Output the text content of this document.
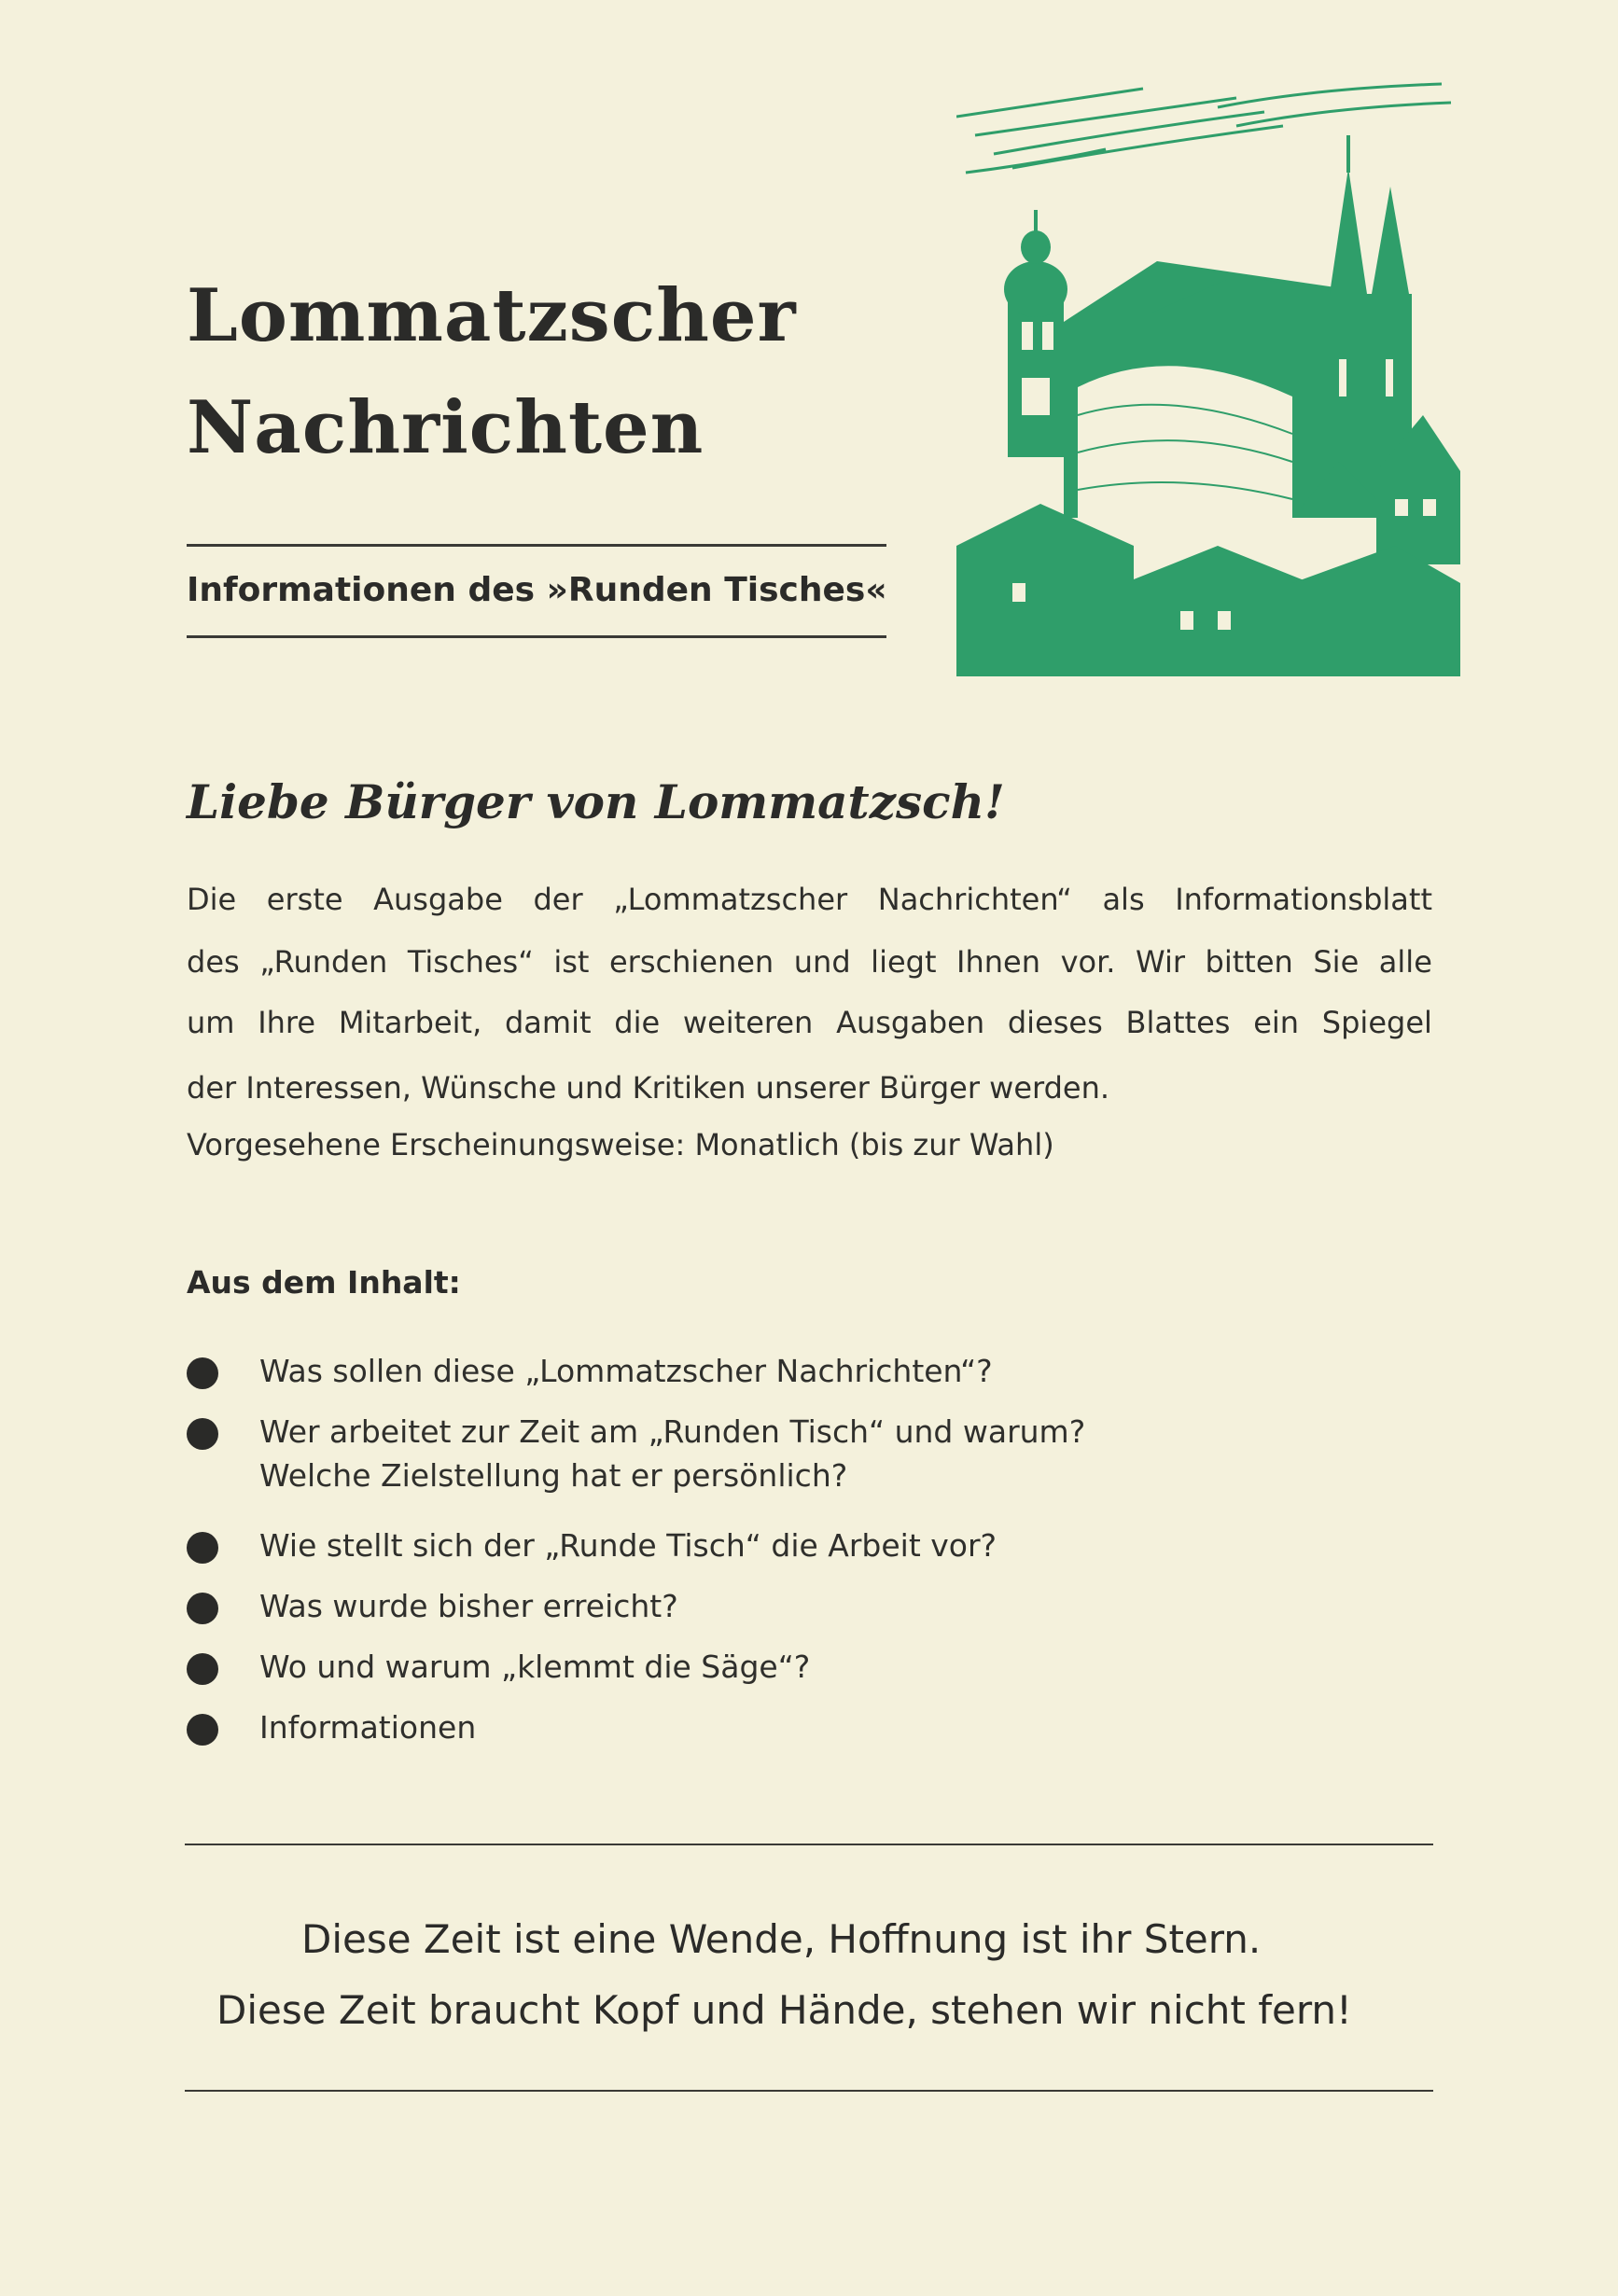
Lommatzscher
Nachrichten
Informationen des »Runden Tisches«
Liebe Bürger von Lommatzsch!
Die erste Ausgabe der „Lommatzscher Nachrichten“ als Informationsblatt
des „Runden Tisches“ ist erschienen und liegt Ihnen vor. Wir bitten Sie alle
um Ihre Mitarbeit, damit die weiteren Ausgaben dieses Blattes ein Spiegel
der Interessen, Wünsche und Kritiken unserer Bürger werden.
Vorgesehene Erscheinungsweise: Monatlich (bis zur Wahl)
Aus dem Inhalt:
Was sollen diese „Lommatzscher Nachrichten“?
Wer arbeitet zur Zeit am „Runden Tisch“ und warum?
Welche Zielstellung hat er persönlich?
Wie stellt sich der „Runde Tisch“ die Arbeit vor?
Was wurde bisher erreicht?
Wo und warum „klemmt die Säge“?
Informationen
Diese Zeit ist eine Wende, Hoffnung ist ihr Stern.
Diese Zeit braucht Kopf und Hände, stehen wir nicht fern!
